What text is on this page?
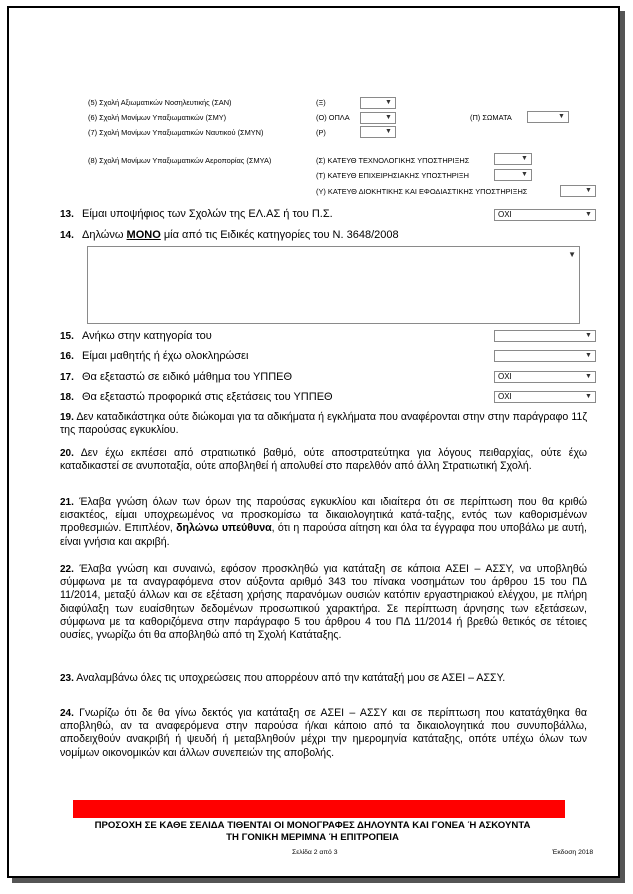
(5) Σχολή Αξιωματικών Νοσηλευτικής (ΣΑΝ)	(Ξ)	▼
(6) Σχολή Μονίμων Υπαξιωματικών (ΣΜΥ)	(Ο) ΟΠΛΑ	▼	(Π) ΣΩΜΑΤΑ	▼
(7) Σχολή Μονίμων Υπαξιωματικών Ναυτικού (ΣΜΥΝ)	(Ρ)	▼
(8) Σχολή Μονίμων Υπαξιωματικών Αεροπορίας (ΣΜΥΑ)	(Σ) ΚΑΤΕΥΘ ΤΕΧΝΟΛΟΓΙΚΗΣ ΥΠΟΣΤΗΡΙΞΗΣ	▼
(Τ) ΚΑΤΕΥΘ ΕΠΙΧΕΙΡΗΣΙΑΚΗΣ ΥΠΟΣΤΗΡΙΞΗ	▼
(Υ) ΚΑΤΕΥΘ ΔΙΟΚΗΤΙΚΗΣ ΚΑΙ ΕΦΟΔΙΑΣΤΙΚΗΣ ΥΠΟΣΤΗΡΙΞΗΣ	▼
13. Είμαι υποψήφιος των Σχολών της ΕΛ.ΑΣ ή του Π.Σ.	ΟΧΙ	▼
14. Δηλώνω ΜΟΝΟ μία από τις Ειδικές κατηγορίες του Ν. 3648/2008
▼
15. Ανήκω στην κατηγορία του	▼
16. Είμαι μαθητής ή έχω ολοκληρώσει	▼
17. Θα εξεταστώ σε ειδικό μάθημα του ΥΠΠΕΘ	ΟΧΙ	▼
18. Θα εξεταστώ προφορικά στις εξετάσεις του ΥΠΠΕΘ	ΟΧΙ	▼
19. Δεν καταδικάστηκα ούτε διώκομαι για τα αδικήματα ή εγκλήματα που αναφέρονται στην στην παράγραφο 11ζ της παρούσας εγκυκλίου.
20. Δεν έχω εκπέσει από στρατιωτικό βαθμό, ούτε αποστρατεύτηκα για λόγους πειθαρχίας, ούτε έχω καταδικαστεί σε ανυποταξία, ούτε αποβληθεί ή απολυθεί στο παρελθόν από άλλη Στρατιωτική Σχολή.
21. Έλαβα γνώση όλων των όρων της παρούσας εγκυκλίου και ιδιαίτερα ότι σε περίπτωση που θα κριθώ εισακτέος, είμαι υποχρεωμένος να προσκομίσω τα δικαιολογητικά κατά-ταξης, εντός των καθορισμένων προθεσμιών. Επιπλέον, δηλώνω υπεύθυνα, ότι η παρούσα αίτηση και όλα τα έγγραφα που υποβάλω με αυτή, είναι γνήσια και ακριβή.
22. Έλαβα γνώση και συναινώ, εφόσον προσκληθώ για κατάταξη σε κάποια ΑΣΕΙ – ΑΣΣΥ, να υποβληθώ σύμφωνα με τα αναγραφόμενα στον αύξοντα αριθμό 343 του πίνακα νοσημάτων του άρθρου 15 του ΠΔ 11/2014, μεταξύ άλλων και σε εξέταση χρήσης παρανόμων ουσιών κατόπιν εργαστηριακού ελέγχου, με πλήρη διαφύλαξη των ευαίσθητων δεδομένων προσωπικού χαρακτήρα. Σε περίπτωση άρνησης των εξετάσεων, σύμφωνα με τα καθοριζόμενα στην παράγραφο 5 του άρθρου 4 του ΠΔ 11/2014 ή βρεθώ θετικός σε τέτοιες ουσίες, γνωρίζω ότι θα αποβληθώ από τη Σχολή Κατάταξης.
23. Αναλαμβάνω όλες τις υποχρεώσεις που απορρέουν από την κατάταξή μου σε ΑΣΕΙ – ΑΣΣΥ.
24. Γνωρίζω ότι δε θα γίνω δεκτός για κατάταξη σε ΑΣΕΙ – ΑΣΣΥ και σε περίπτωση που κατατάχθηκα θα αποβληθώ, αν τα αναφερόμενα στην παρούσα ή/και κάποιο από τα δικαιολογητικά που συνυποβάλλω, αποδειχθούν ανακριβή ή ψευδή ή μεταβληθούν μέχρι την ημερομηνία κατάταξης, οπότε υπέχω όλων των νομίμων οικονομικών και άλλων συνεπειών της αποβολής.
ΠΡΟΣΟΧΗ ΣΕ ΚΑΘΕ ΣΕΛΙΔΑ ΤΙΘΕΝΤΑΙ ΟΙ ΜΟΝΟΓΡΑΦΕΣ ΔΗΛΟΥΝΤΑ ΚΑΙ ΓΟΝΕΑ Ή ΑΣΚΟΥΝΤΑ
ΤΗ ΓΟΝΙΚΗ ΜΕΡΙΜΝΑ Ή ΕΠΙΤΡΟΠΕΙΑ
Σελίδα 2 από 3	Έκδοση 2018
